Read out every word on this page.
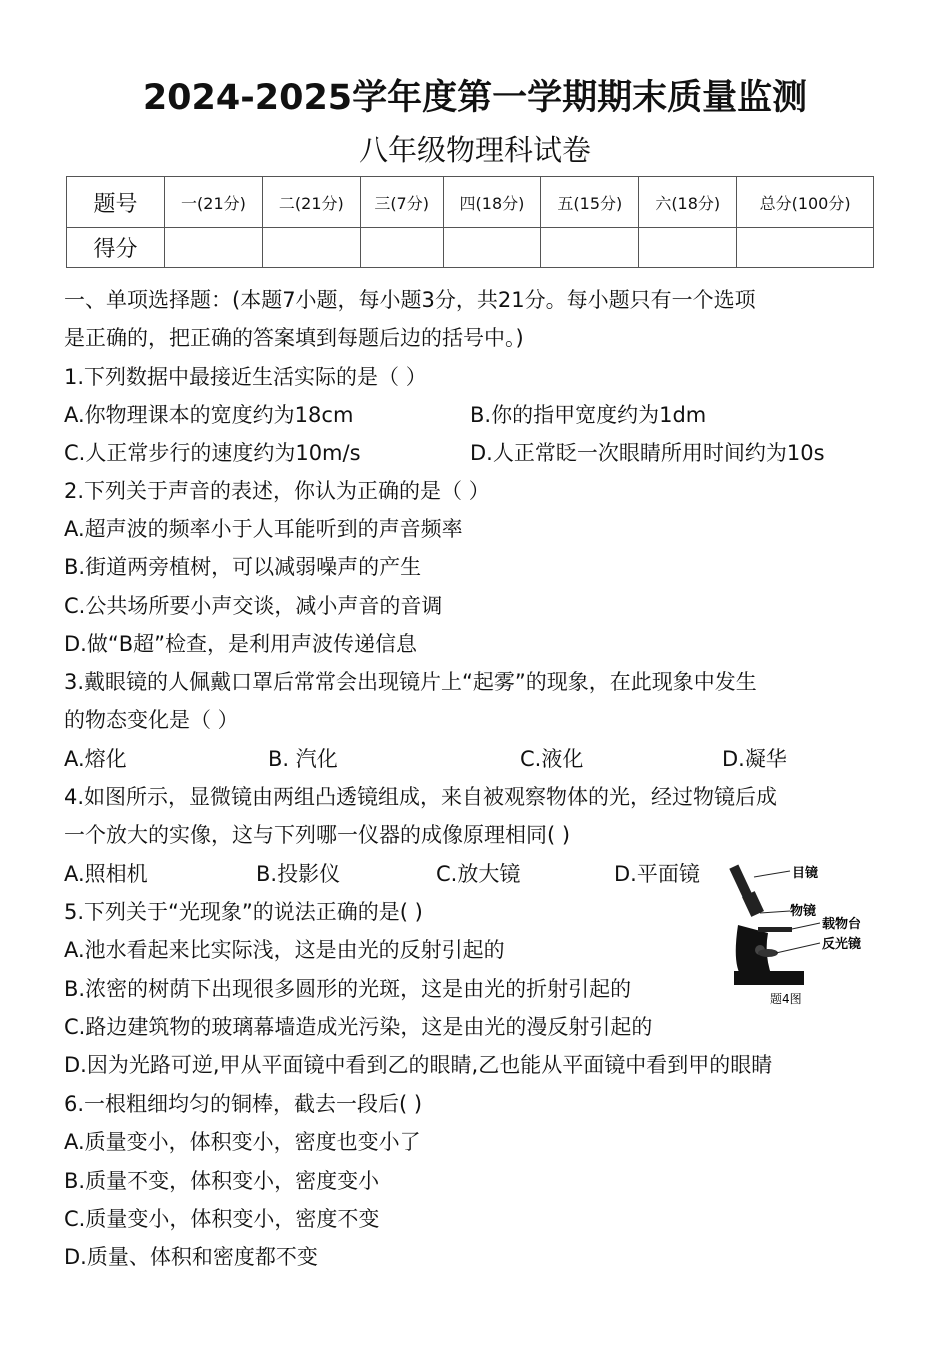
2024-2025学年度第一学期期末质量监测
八年级物理科试卷
题号	一(21分)	二(21分)	三(7分)	四(18分)	五(15分)	六(18分)	总分(100分)
得分							
一、单项选择题：(本题7小题，每小题3分，共21分。每小题只有一个选项
是正确的，把正确的答案填到每题后边的括号中。)
1.下列数据中最接近生活实际的是（ ）
A.你物理课本的宽度约为18cm	B.你的指甲宽度约为1dm
C.人正常步行的速度约为10m/s	D.人正常眨一次眼睛所用时间约为10s
2.下列关于声音的表述，你认为正确的是（ ）
A.超声波的频率小于人耳能听到的声音频率
B.街道两旁植树，可以减弱噪声的产生
C.公共场所要小声交谈，减小声音的音调
D.做“B超”检查，是利用声波传递信息
3.戴眼镜的人佩戴口罩后常常会出现镜片上“起雾”的现象，在此现象中发生
的物态变化是（ ）
A.熔化	B. 汽化	C.液化	D.凝华
4.如图所示，显微镜由两组凸透镜组成，来自被观察物体的光，经过物镜后成
一个放大的实像，这与下列哪一仪器的成像原理相同( )
A.照相机	B.投影仪	C.放大镜	D.平面镜	目镜
物镜
载物台
反光镜
题4图
5.下列关于“光现象”的说法正确的是( )
A.池水看起来比实际浅，这是由光的反射引起的
B.浓密的树荫下出现很多圆形的光斑，这是由光的折射引起的
C.路边建筑物的玻璃幕墙造成光污染，这是由光的漫反射引起的
D.因为光路可逆,甲从平面镜中看到乙的眼睛,乙也能从平面镜中看到甲的眼睛
6.一根粗细均匀的铜棒，截去一段后( )
A.质量变小，体积变小，密度也变小了
B.质量不变，体积变小，密度变小
C.质量变小，体积变小，密度不变
D.质量、体积和密度都不变
